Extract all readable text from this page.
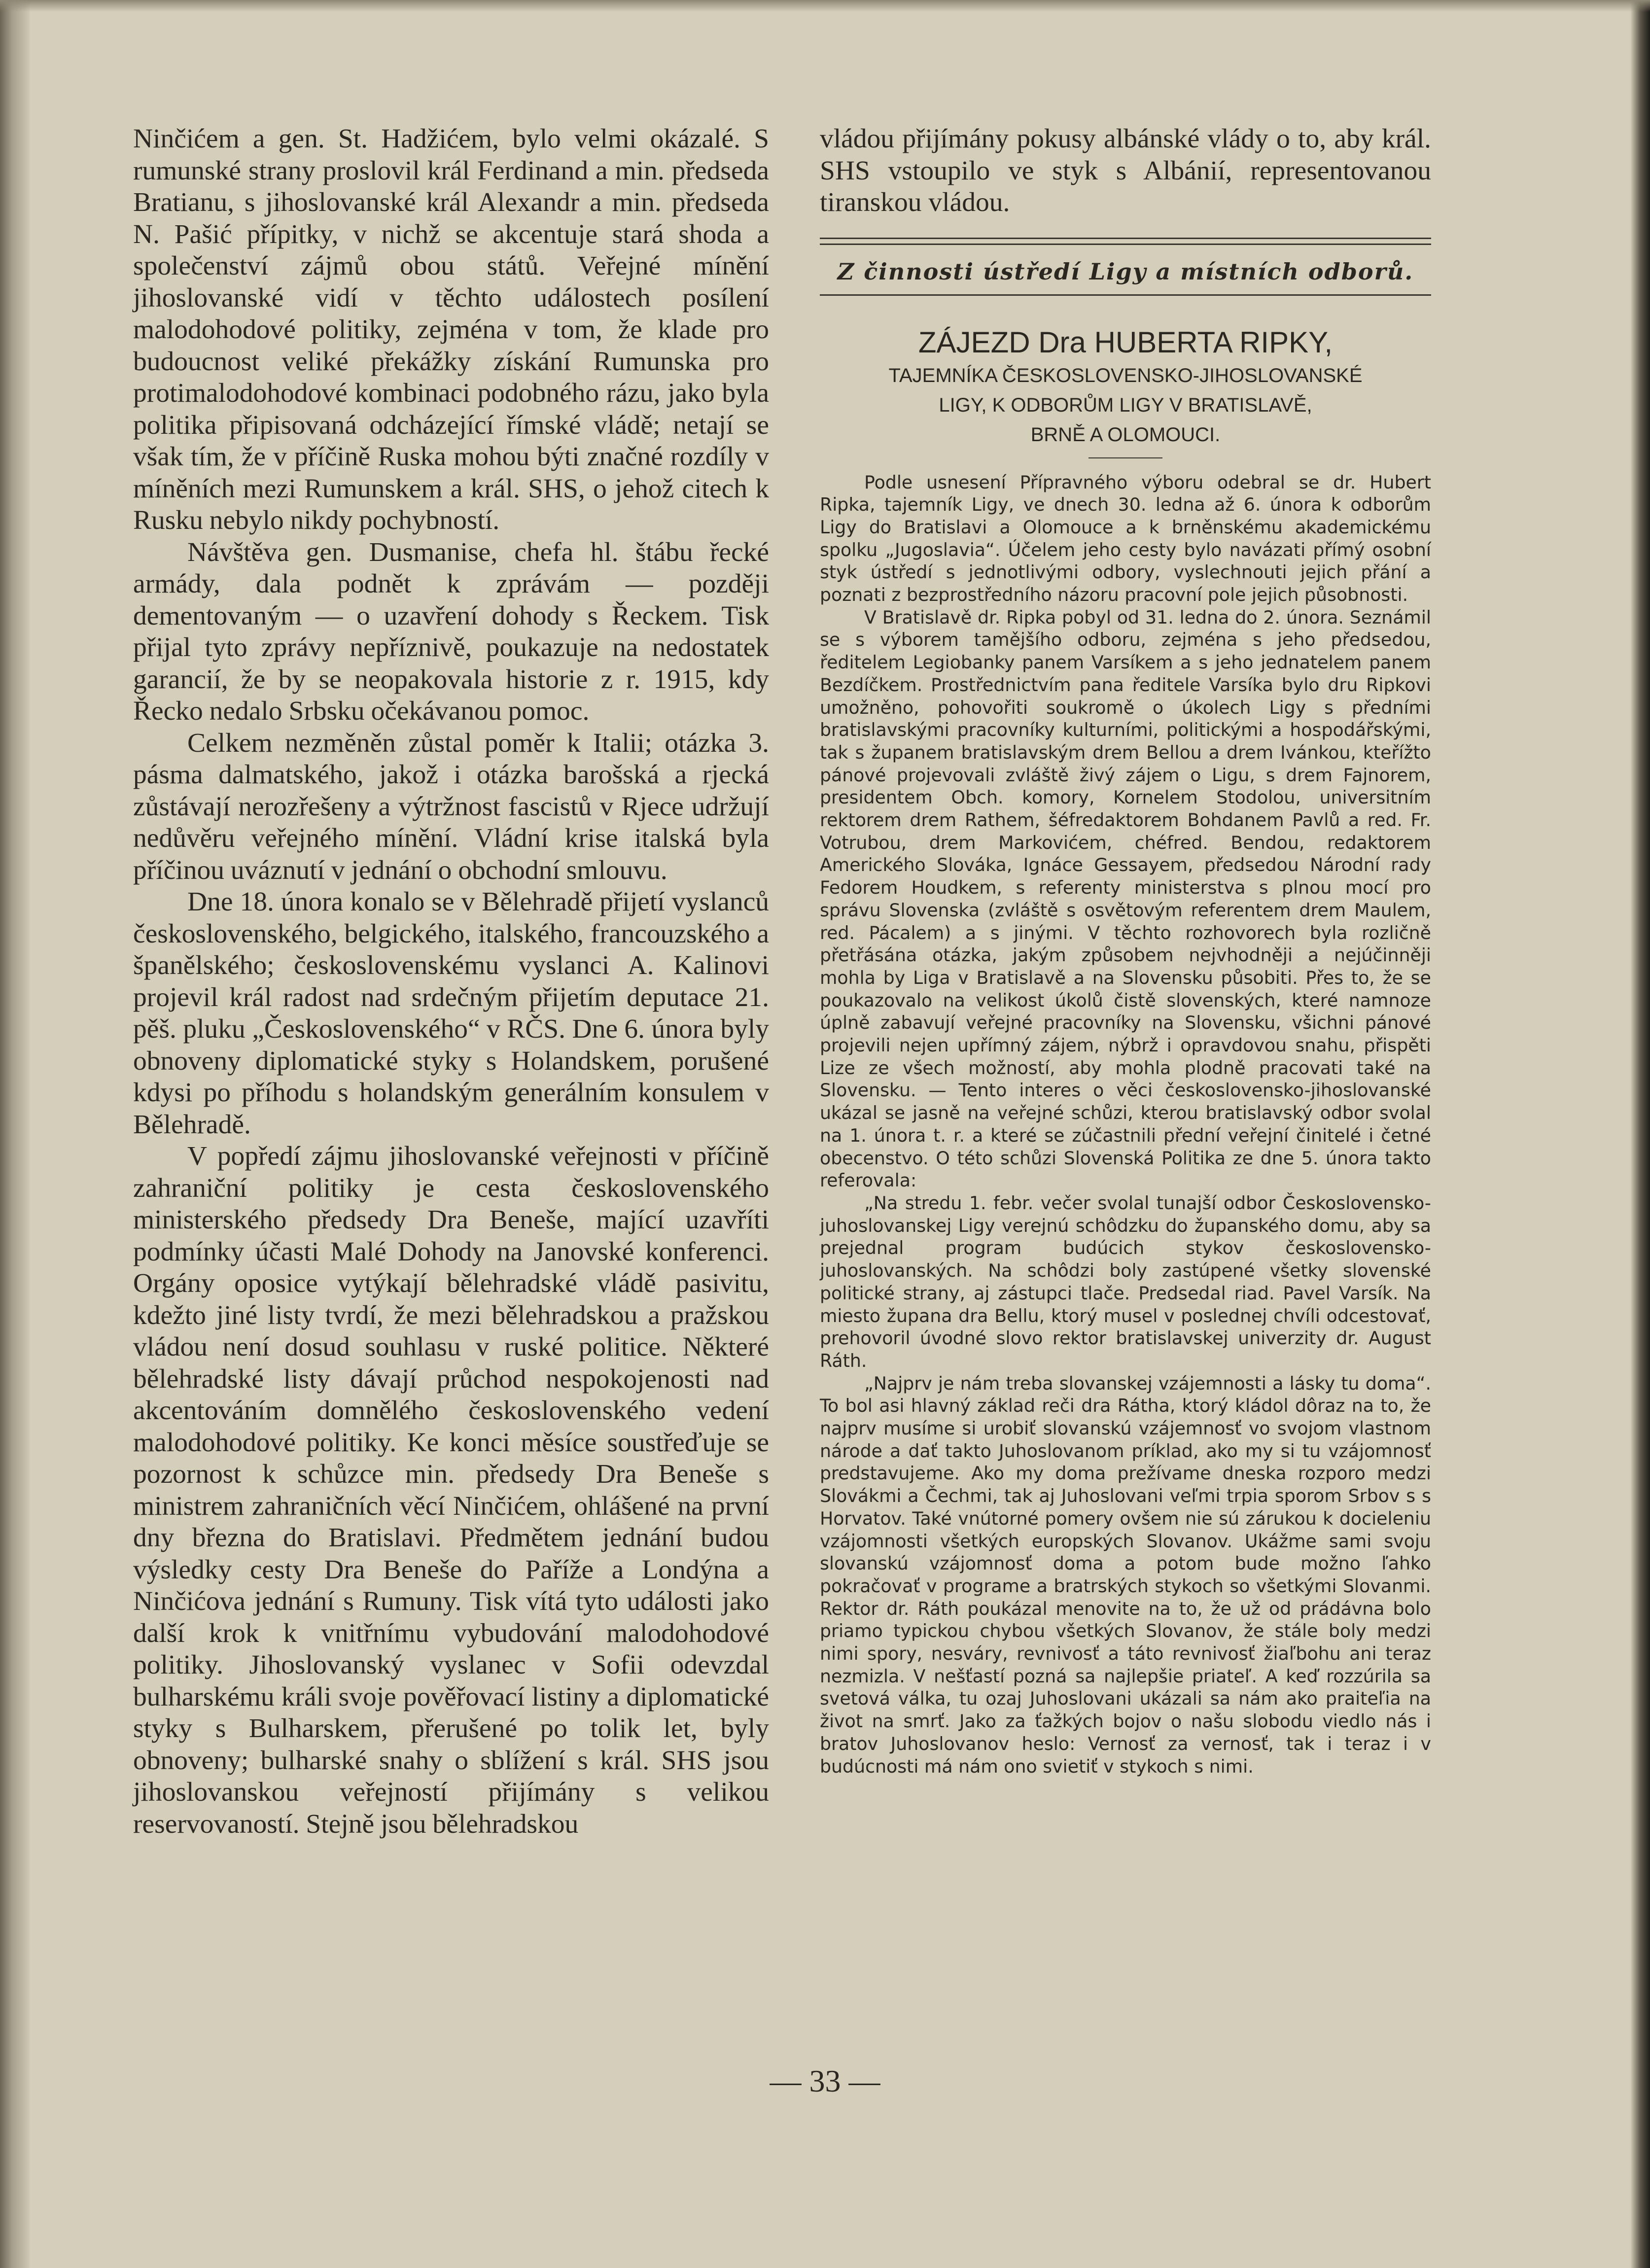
Ninčićem a gen. St. Hadžićem, bylo velmi okázalé. S rumunské strany proslovil král Ferdinand a min. předseda Bratianu, s jihoslovanské král Alexandr a min. předseda N. Pašić přípitky, v nichž se akcentuje stará shoda a společenství zájmů obou států. Veřejné mínění jihoslovanské vidí v těchto událostech posílení malodohodové politiky, zejména v tom, že klade pro budoucnost veliké překážky získání Rumunska pro protimalodohodové kombinaci podobného rázu, jako byla politika připisovaná odcházející římské vládě; netají se však tím, že v příčině Ruska mohou býti značné rozdíly v míněních mezi Rumunskem a král. SHS, o jehož citech k Rusku nebylo nikdy pochybností.

Návštěva gen. Dusmanise, chefa hl. štábu řecké armády, dala podnět k zprávám — později dementovaným — o uzavření dohody s Řeckem. Tisk přijal tyto zprávy nepříznivě, poukazuje na nedostatek garancií, že by se neopakovala historie z r. 1915, kdy Řecko nedalo Srbsku očekávanou pomoc.

Celkem nezměněn zůstal poměr k Italii; otázka 3. pásma dalmatského, jakož i otázka barošská a rjecká zůstávají nerozřešeny a výtržnost fascistů v Rjece udržují nedůvěru veřejného mínění. Vládní krise italská byla příčinou uváznutí v jednání o obchodní smlouvu.

Dne 18. února konalo se v Bělehradě přijetí vyslanců československého, belgického, italského, francouzského a španělského; československému vyslanci A. Kalinovi projevil král radost nad srdečným přijetím deputace 21. pěš. pluku „Československého“ v RČS. Dne 6. února byly obnoveny diplomatické styky s Holandskem, porušené kdysi po příhodu s holandským generálním konsulem v Bělehradě.

V popředí zájmu jihoslovanské veřejnosti v příčině zahraniční politiky je cesta československého ministerského předsedy Dra Beneše, mající uzavříti podmínky účasti Malé Dohody na Janovské konferenci. Orgány oposice vytýkají bělehradské vládě pasivitu, kdežto jiné listy tvrdí, že mezi bělehradskou a pražskou vládou není dosud souhlasu v ruské politice. Některé bělehradské listy dávají průchod nespokojenosti nad akcentováním domnělého československého vedení malodohodové politiky. Ke konci měsíce soustřeďuje se pozornost k schůzce min. předsedy Dra Beneše s ministrem zahraničních věcí Ninčićem, ohlášené na první dny března do Bratislavi. Předmětem jednání budou výsledky cesty Dra Beneše do Paříže a Londýna a Ninčićova jednání s Rumuny. Tisk vítá tyto události jako další krok k vnitřnímu vybudování malodohodové politiky. Jihoslovanský vyslanec v Sofii odevzdal bulharskému králi svoje pověřovací listiny a diplomatické styky s Bulharskem, přerušené po tolik let, byly obnoveny; bulharské snahy o sblížení s král. SHS jsou jihoslovanskou veřejností přijímány s velikou reservovaností. Stejně jsou bělehradskou

vládou přijímány pokusy albánské vlády o to, aby král. SHS vstoupilo ve styk s Albánií, representovanou tiranskou vládou.

Z činnosti ústředí Ligy a místních odborů.
ZÁJEZD Dra HUBERTA RIPKY,
TAJEMNÍKA ČESKOSLOVENSKO-JIHOSLOVANSKÉ
LIGY, K ODBORŮM LIGY V BRATISLAVĚ,
BRNĚ A OLOMOUCI.

Podle usnesení Přípravného výboru odebral se dr. Hubert Ripka, tajemník Ligy, ve dnech 30. ledna až 6. února k odborům Ligy do Bratislavi a Olomouce a k brněnskému akademickému spolku „Jugoslavia“. Účelem jeho cesty bylo navázati přímý osobní styk ústředí s jednotlivými odbory, vyslechnouti jejich přání a poznati z bezprostředního názoru pracovní pole jejich působnosti.

V Bratislavě dr. Ripka pobyl od 31. ledna do 2. února. Seznámil se s výborem tamějšího odboru, zejména s jeho předsedou, ředitelem Legiobanky panem Varsíkem a s jeho jednatelem panem Bezdíčkem. Prostřednictvím pana ředitele Varsíka bylo dru Ripkovi umožněno, pohovořiti soukromě o úkolech Ligy s předními bratislavskými pracovníky kulturními, politickými a hospodářskými, tak s županem bratislavským drem Bellou a drem Ivánkou, kteřížto pánové projevovali zvláště živý zájem o Ligu, s drem Fajnorem, presidentem Obch. komory, Kornelem Stodolou, universitním rektorem drem Rathem, šéfredaktorem Bohdanem Pavlů a red. Fr. Votrubou, drem Markovićem, chéfred. Bendou, redaktorem Amerického Slováka, Ignáce Gessayem, předsedou Národní rady Fedorem Houdkem, s referenty ministerstva s plnou mocí pro správu Slovenska (zvláště s osvětovým referentem drem Maulem, red. Pácalem) a s jinými. V těchto rozhovorech byla rozličně přetřásána otázka, jakým způsobem nejvhodněji a nejúčinněji mohla by Liga v Bratislavě a na Slovensku působiti. Přes to, že se poukazovalo na velikost úkolů čistě slovenských, které namnoze úplně zabavují veřejné pracovníky na Slovensku, všichni pánové projevili nejen upřímný zájem, nýbrž i opravdovou snahu, přispěti Lize ze všech možností, aby mohla plodně pracovati také na Slovensku. — Tento interes o věci československo-jihoslovanské ukázal se jasně na veřejné schůzi, kterou bratislavský odbor svolal na 1. února t. r. a které se zúčastnili přední veřejní činitelé i četné obecenstvo. O této schůzi Slovenská Politika ze dne 5. února takto referovala:

„Na stredu 1. febr. večer svolal tunajší odbor Československo-juhoslovanskej Ligy verejnú schôdzku do županského domu, aby sa prejednal program budúcich stykov československo-juhoslovanských. Na schôdzi boly zastúpené všetky slovenské politické strany, aj zástupci tlače. Predsedal riad. Pavel Varsík. Na miesto župana dra Bellu, ktorý musel v poslednej chvíli odcestovať, prehovoril úvodné slovo rektor bratislavskej univerzity dr. August Ráth.

„Najprv je nám treba slovanskej vzájemnosti a lásky tu doma“. To bol asi hlavný základ reči dra Rátha, ktorý kládol dôraz na to, že najprv musíme si urobiť slovanskú vzájemnosť vo svojom vlastnom národe a dať takto Juhoslovanom príklad, ako my si tu vzájomnosť predstavujeme. Ako my doma prežívame dneska rozporo medzi Slovákmi a Čechmi, tak aj Juhoslovani veľmi trpia sporom Srbov s s Horvatov. Také vnútorné pomery ovšem nie sú zárukou k docieleniu vzájomnosti všetkých europských Slovanov. Ukážme sami svoju slovanskú vzájomnosť doma a potom bude možno ľahko pokračovať v programe a bratrských stykoch so všetkými Slovanmi. Rektor dr. Ráth poukázal menovite na to, že už od prádávna bolo priamo typickou chybou všetkých Slovanov, že stále boly medzi nimi spory, nesváry, revnivosť a táto revnivosť žiaľbohu ani teraz nezmizla. V nešťastí pozná sa najlepšie priateľ. A keď rozzúrila sa svetová válka, tu ozaj Juhoslovani ukázali sa nám ako praiteľia na život na smrť. Jako za ťažkých bojov o našu slobodu viedlo nás i bratov Juhoslovanov heslo: Vernosť za vernosť, tak i teraz i v budúcnosti má nám ono svietiť v stykoch s nimi.

— 33 —
